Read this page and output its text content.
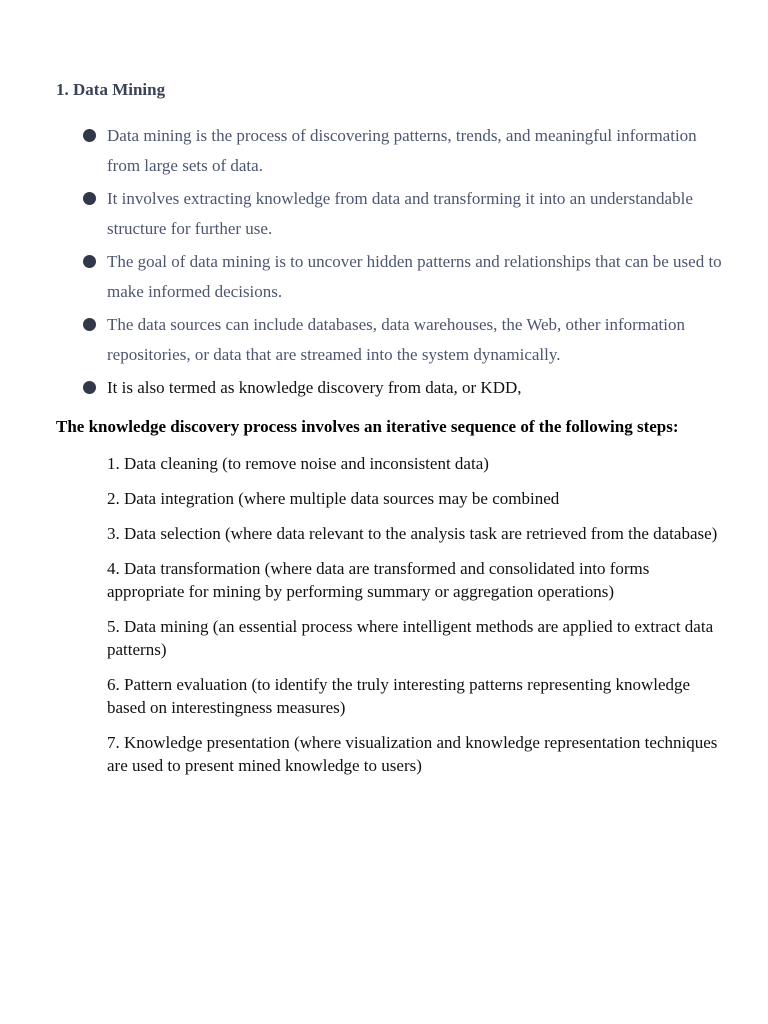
1. Data Mining
Data mining is the process of discovering patterns, trends, and meaningful information from large sets of data.
It involves extracting knowledge from data and transforming it into an understandable structure for further use.
The goal of data mining is to uncover hidden patterns and relationships that can be used to make informed decisions.
The data sources can include databases, data warehouses, the Web, other information repositories, or data that are streamed into the system dynamically.
It is also termed as knowledge discovery from data, or KDD,
The knowledge discovery process involves an iterative sequence of the following steps:
1. Data cleaning (to remove noise and inconsistent data)
2. Data integration (where multiple data sources may be combined
3. Data selection (where data relevant to the analysis task are retrieved from the database)
4. Data transformation (where data are transformed and consolidated into forms appropriate for mining by performing summary or aggregation operations)
5. Data mining (an essential process where intelligent methods are applied to extract data patterns)
6. Pattern evaluation (to identify the truly interesting patterns representing knowledge based on interestingness measures)
7. Knowledge presentation (where visualization and knowledge representation techniques are used to present mined knowledge to users)
